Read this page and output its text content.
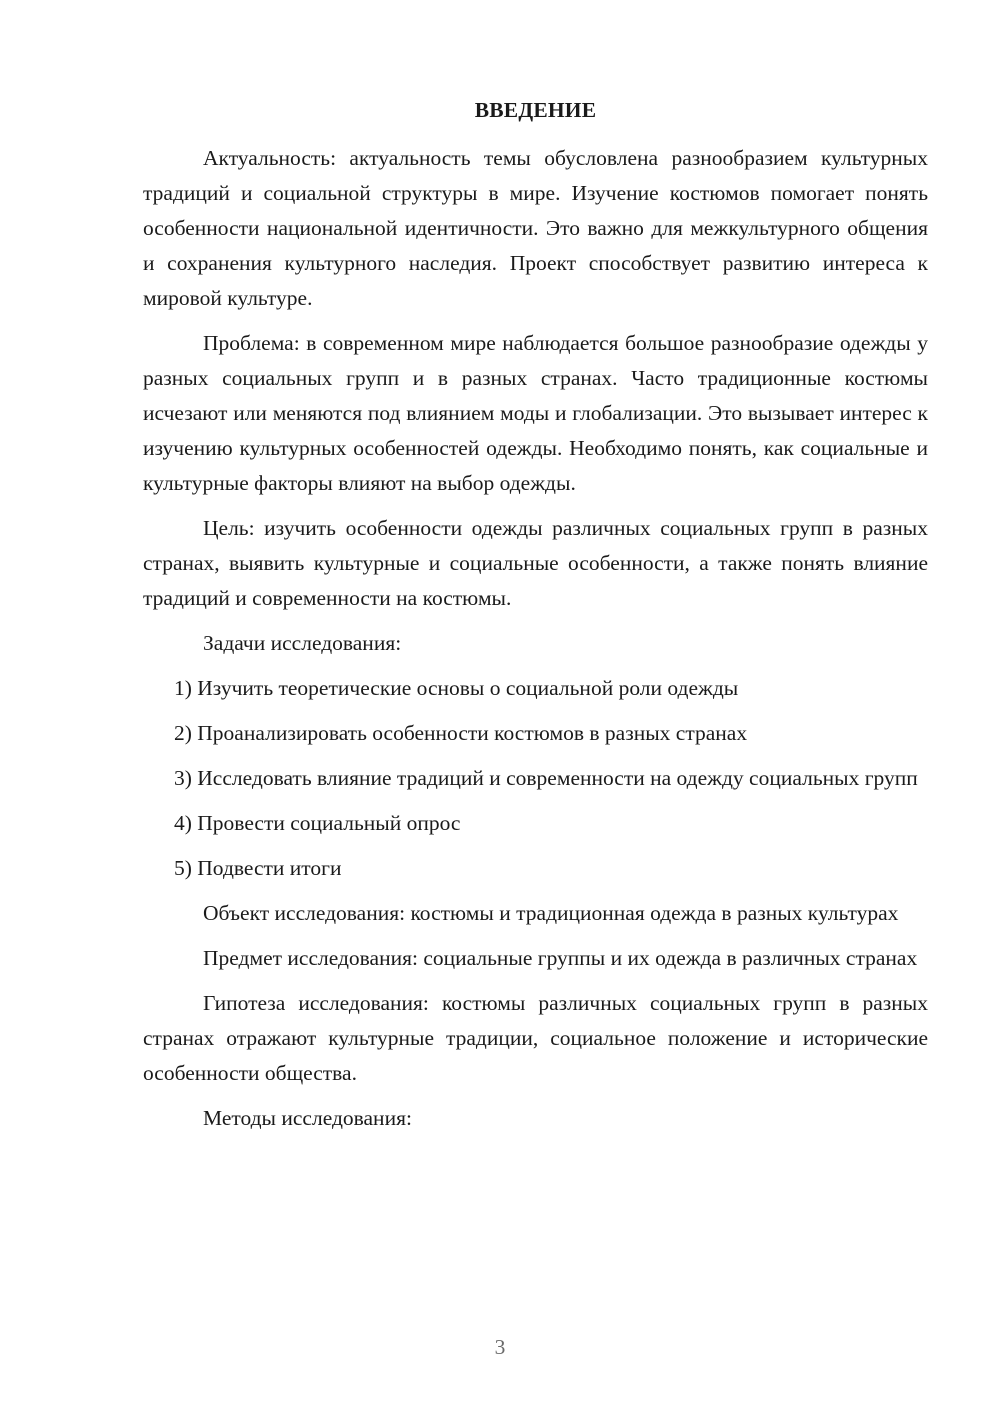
ВВЕДЕНИЕ

Актуальность: актуальность темы обусловлена разнообразием культурных традиций и социальной структуры в мире. Изучение костюмов помогает понять особенности национальной идентичности. Это важно для межкультурного общения и сохранения культурного наследия. Проект способствует развитию интереса к мировой культуре.

Проблема: в современном мире наблюдается большое разнообразие одежды у разных социальных групп и в разных странах. Часто традиционные костюмы исчезают или меняются под влиянием моды и глобализации. Это вызывает интерес к изучению культурных особенностей одежды. Необходимо понять, как социальные и культурные факторы влияют на выбор одежды.

Цель: изучить особенности одежды различных социальных групп в разных странах, выявить культурные и социальные особенности, а также понять влияние традиций и современности на костюмы.

Задачи исследования:

1) Изучить теоретические основы о социальной роли одежды

2) Проанализировать особенности костюмов в разных странах

3) Исследовать влияние традиций и современности на одежду социальных групп

4) Провести социальный опрос

5) Подвести итоги

Объект исследования: костюмы и традиционная одежда в разных культурах

Предмет исследования: социальные группы и их одежда в различных странах

Гипотеза исследования: костюмы различных социальных групп в разных странах отражают культурные традиции, социальное положение и исторические особенности общества.

Методы исследования:

3
